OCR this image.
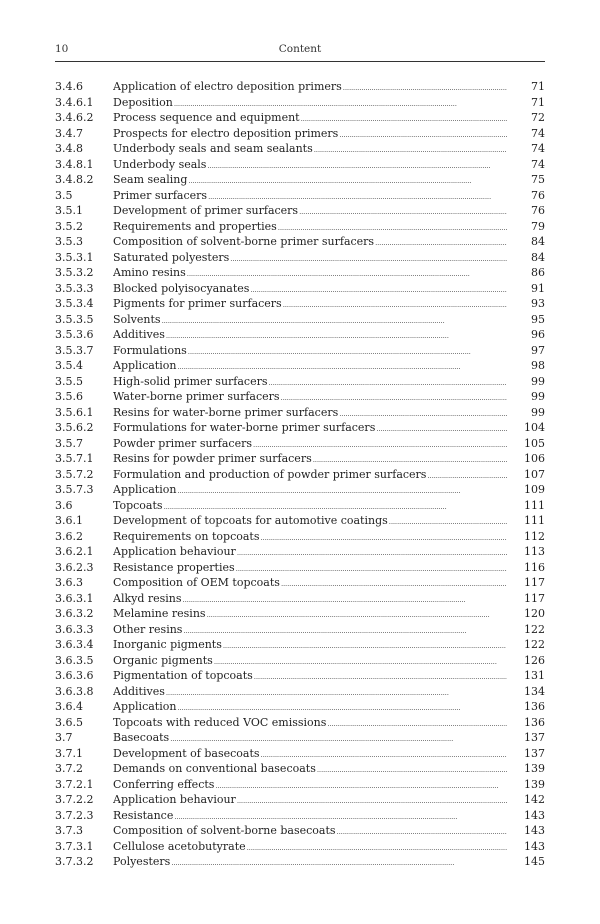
10	Content
3.4.6	Application of electro deposition primers . . .	71
3.4.6.1	Deposition . . .	71
3.4.6.2	Process sequence and equipment . . .	72
3.4.7	Prospects for electro deposition primers . . .	74
3.4.8	Underbody seals and seam sealants . . .	74
3.4.8.1	Underbody seals . . .	74
3.4.8.2	Seam sealing . . .	75
3.5	Primer surfacers . . .	76
3.5.1	Development of primer surfacers . . .	76
3.5.2	Requirements and properties . . .	79
3.5.3	Composition of solvent-borne primer surfacers . . .	84
3.5.3.1	Saturated polyesters . . .	84
3.5.3.2	Amino resins . . .	86
3.5.3.3	Blocked polyisocyanates . . .	91
3.5.3.4	Pigments for primer surfacers . . .	93
3.5.3.5	Solvents . . .	95
3.5.3.6	Additives . . .	96
3.5.3.7	Formulations . . .	97
3.5.4	Application . . .	98
3.5.5	High-solid primer surfacers . . .	99
3.5.6	Water-borne primer surfacers . . .	99
3.5.6.1	Resins for water-borne primer surfacers . . .	99
3.5.6.2	Formulations for water-borne primer surfacers . . .	104
3.5.7	Powder primer surfacers . . .	105
3.5.7.1	Resins for powder primer surfacers . . .	106
3.5.7.2	Formulation and production of powder primer surfacers . . .	107
3.5.7.3	Application . . .	109
3.6	Topcoats . . .	111
3.6.1	Development of topcoats for automotive coatings . . .	111
3.6.2	Requirements on topcoats . . .	112
3.6.2.1	Application behaviour . . .	113
3.6.2.3	Resistance properties . . .	116
3.6.3	Composition of OEM topcoats . . .	117
3.6.3.1	Alkyd resins . . .	117
3.6.3.2	Melamine resins . . .	120
3.6.3.3	Other resins . . .	122
3.6.3.4	Inorganic pigments . . .	122
3.6.3.5	Organic pigments . . .	126
3.6.3.6	Pigmentation of topcoats . . .	131
3.6.3.8	Additives . . .	134
3.6.4	Application . . .	136
3.6.5	Topcoats with reduced VOC emissions . . .	136
3.7	Basecoats . . .	137
3.7.1	Development of basecoats . . .	137
3.7.2	Demands on conventional basecoats . . .	139
3.7.2.1	Conferring effects . . .	139
3.7.2.2	Application behaviour . . .	142
3.7.2.3	Resistance . . .	143
3.7.3	Composition of solvent-borne basecoats . . .	143
3.7.3.1	Cellulose acetobutyrate . . .	143
3.7.3.2	Polyesters . . .	145
